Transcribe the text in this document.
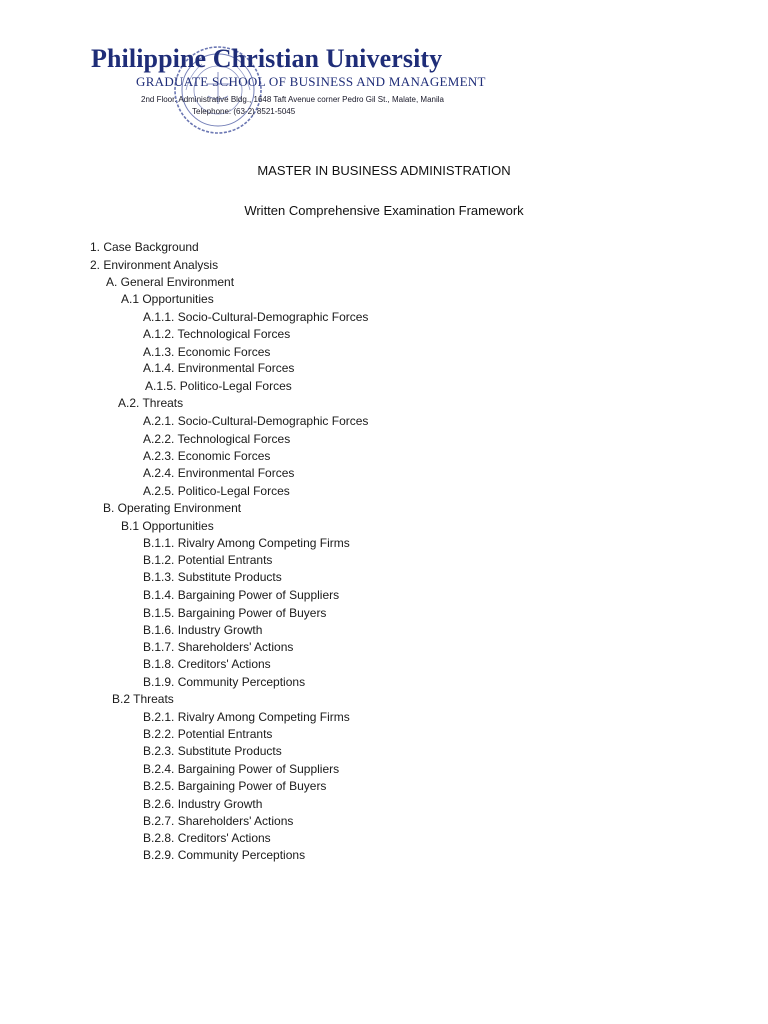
Philippine Christian University
GRADUATE SCHOOL OF BUSINESS AND MANAGEMENT
2nd Floor. Administrative Bldg., 1648 Taft Avenue corner Pedro Gil St., Malate, Manila
Telephone: (63-2) 8521-5045
MASTER IN BUSINESS ADMINISTRATION
Written Comprehensive Examination Framework
1. Case Background
2. Environment Analysis
A. General Environment
A.1 Opportunities
A.1.1. Socio-Cultural-Demographic Forces
A.1.2. Technological Forces
A.1.3. Economic Forces
A.1.4. Environmental Forces
A.1.5. Politico-Legal Forces
A.2. Threats
A.2.1. Socio-Cultural-Demographic Forces
A.2.2. Technological Forces
A.2.3. Economic Forces
A.2.4. Environmental Forces
A.2.5. Politico-Legal Forces
B. Operating Environment
B.1 Opportunities
B.1.1. Rivalry Among Competing Firms
B.1.2. Potential Entrants
B.1.3. Substitute Products
B.1.4. Bargaining Power of Suppliers
B.1.5. Bargaining Power of Buyers
B.1.6. Industry Growth
B.1.7. Shareholders' Actions
B.1.8. Creditors' Actions
B.1.9. Community Perceptions
B.2 Threats
B.2.1. Rivalry Among Competing Firms
B.2.2. Potential Entrants
B.2.3. Substitute Products
B.2.4. Bargaining Power of Suppliers
B.2.5. Bargaining Power of Buyers
B.2.6. Industry Growth
B.2.7. Shareholders' Actions
B.2.8. Creditors' Actions
B.2.9. Community Perceptions
